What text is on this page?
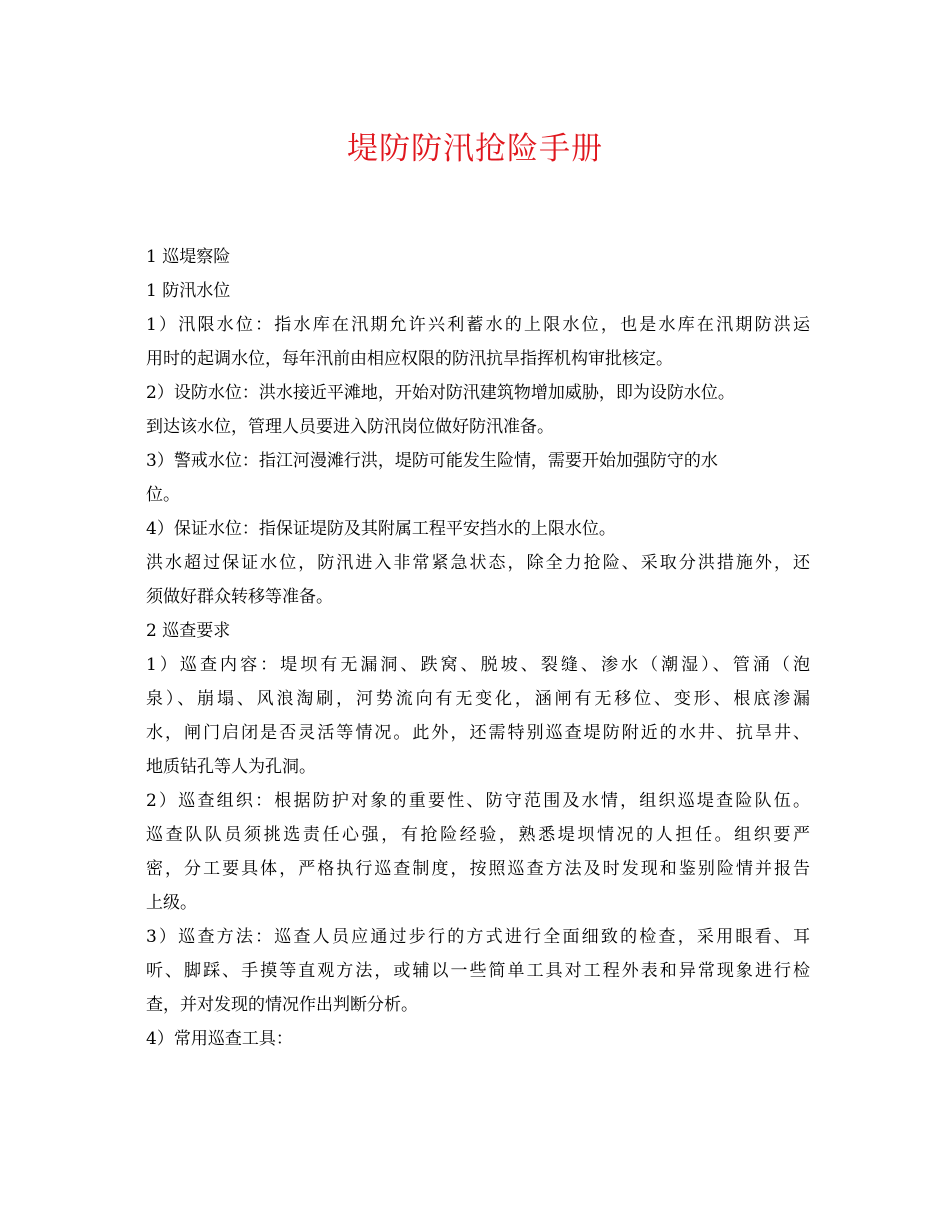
堤防防汛抢险手册
1 巡堤察险
1 防汛水位
1）汛限水位：指水库在汛期允许兴利蓄水的上限水位，也是水库在汛期防洪运
用时的起调水位，每年汛前由相应权限的防汛抗旱指挥机构审批核定。
2）设防水位：洪水接近平滩地，开始对防汛建筑物增加威胁，即为设防水位。
到达该水位，管理人员要进入防汛岗位做好防汛准备。
3）警戒水位：指江河漫滩行洪，堤防可能发生险情，需要开始加强防守的水
位。
4）保证水位：指保证堤防及其附属工程平安挡水的上限水位。
洪水超过保证水位，防汛进入非常紧急状态，除全力抢险、采取分洪措施外，还
须做好群众转移等准备。
2 巡查要求
1）巡查内容：堤坝有无漏洞、跌窝、脱坡、裂缝、渗水（潮湿）、管涌（泡
泉）、崩塌、风浪淘刷，河势流向有无变化，涵闸有无移位、变形、根底渗漏
水，闸门启闭是否灵活等情况。此外，还需特别巡查堤防附近的水井、抗旱井、
地质钻孔等人为孔洞。
2）巡查组织：根据防护对象的重要性、防守范围及水情，组织巡堤查险队伍。
巡查队队员须挑选责任心强，有抢险经验，熟悉堤坝情况的人担任。组织要严
密，分工要具体，严格执行巡查制度，按照巡查方法及时发现和鉴别险情并报告
上级。
3）巡查方法：巡查人员应通过步行的方式进行全面细致的检查，采用眼看、耳
听、脚踩、手摸等直观方法，或辅以一些简单工具对工程外表和异常现象进行检
查，并对发现的情况作出判断分析。
4）常用巡查工具：
